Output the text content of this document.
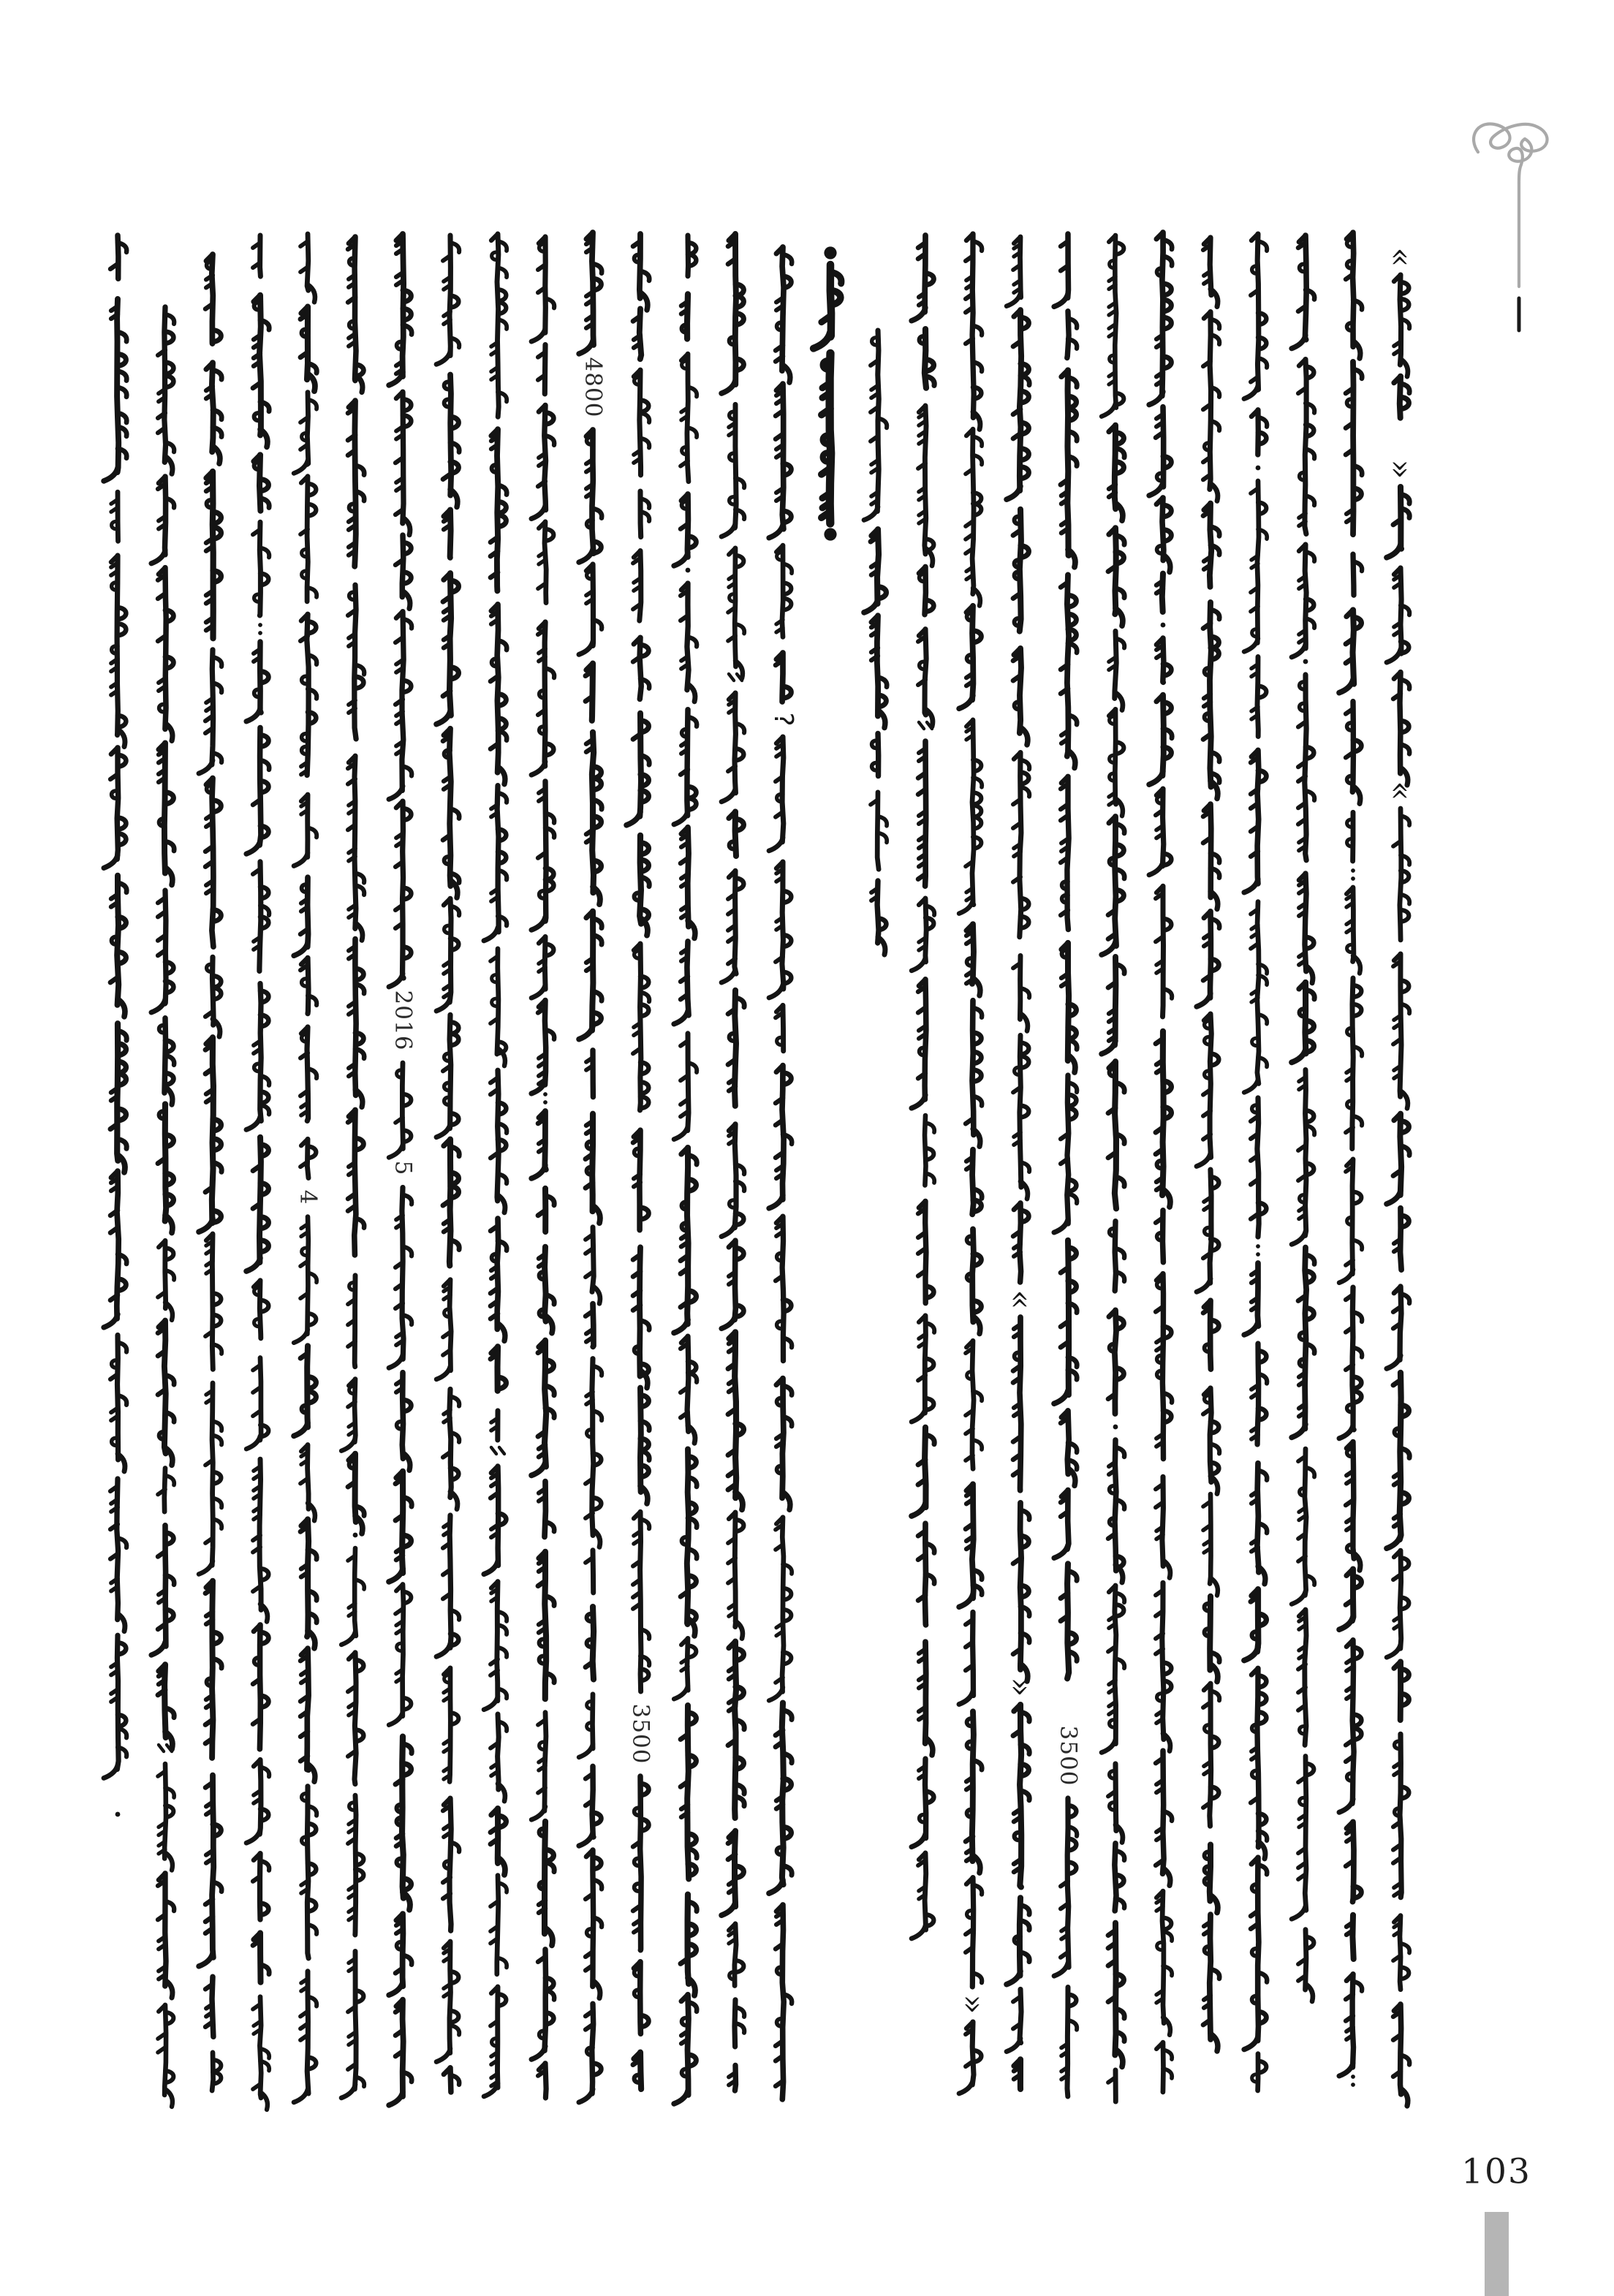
103
«
»
«
3500
«
»
»
?
3500
4800
2016
5
4
